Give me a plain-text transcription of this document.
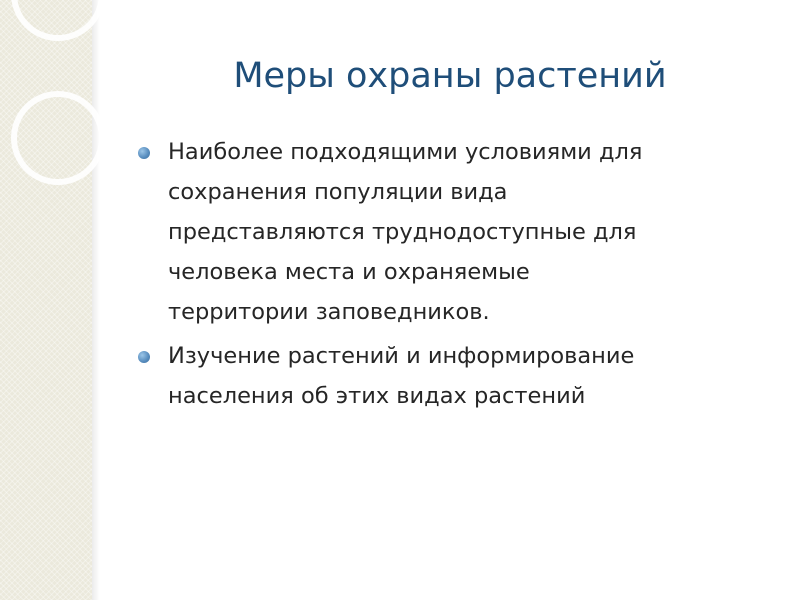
Меры охраны растений
Наиболее подходящими условиями для
сохранения популяции вида
представляются труднодоступные для
человека места и охраняемые
территории заповедников.
Изучение растений и информирование
населения об этих видах растений
